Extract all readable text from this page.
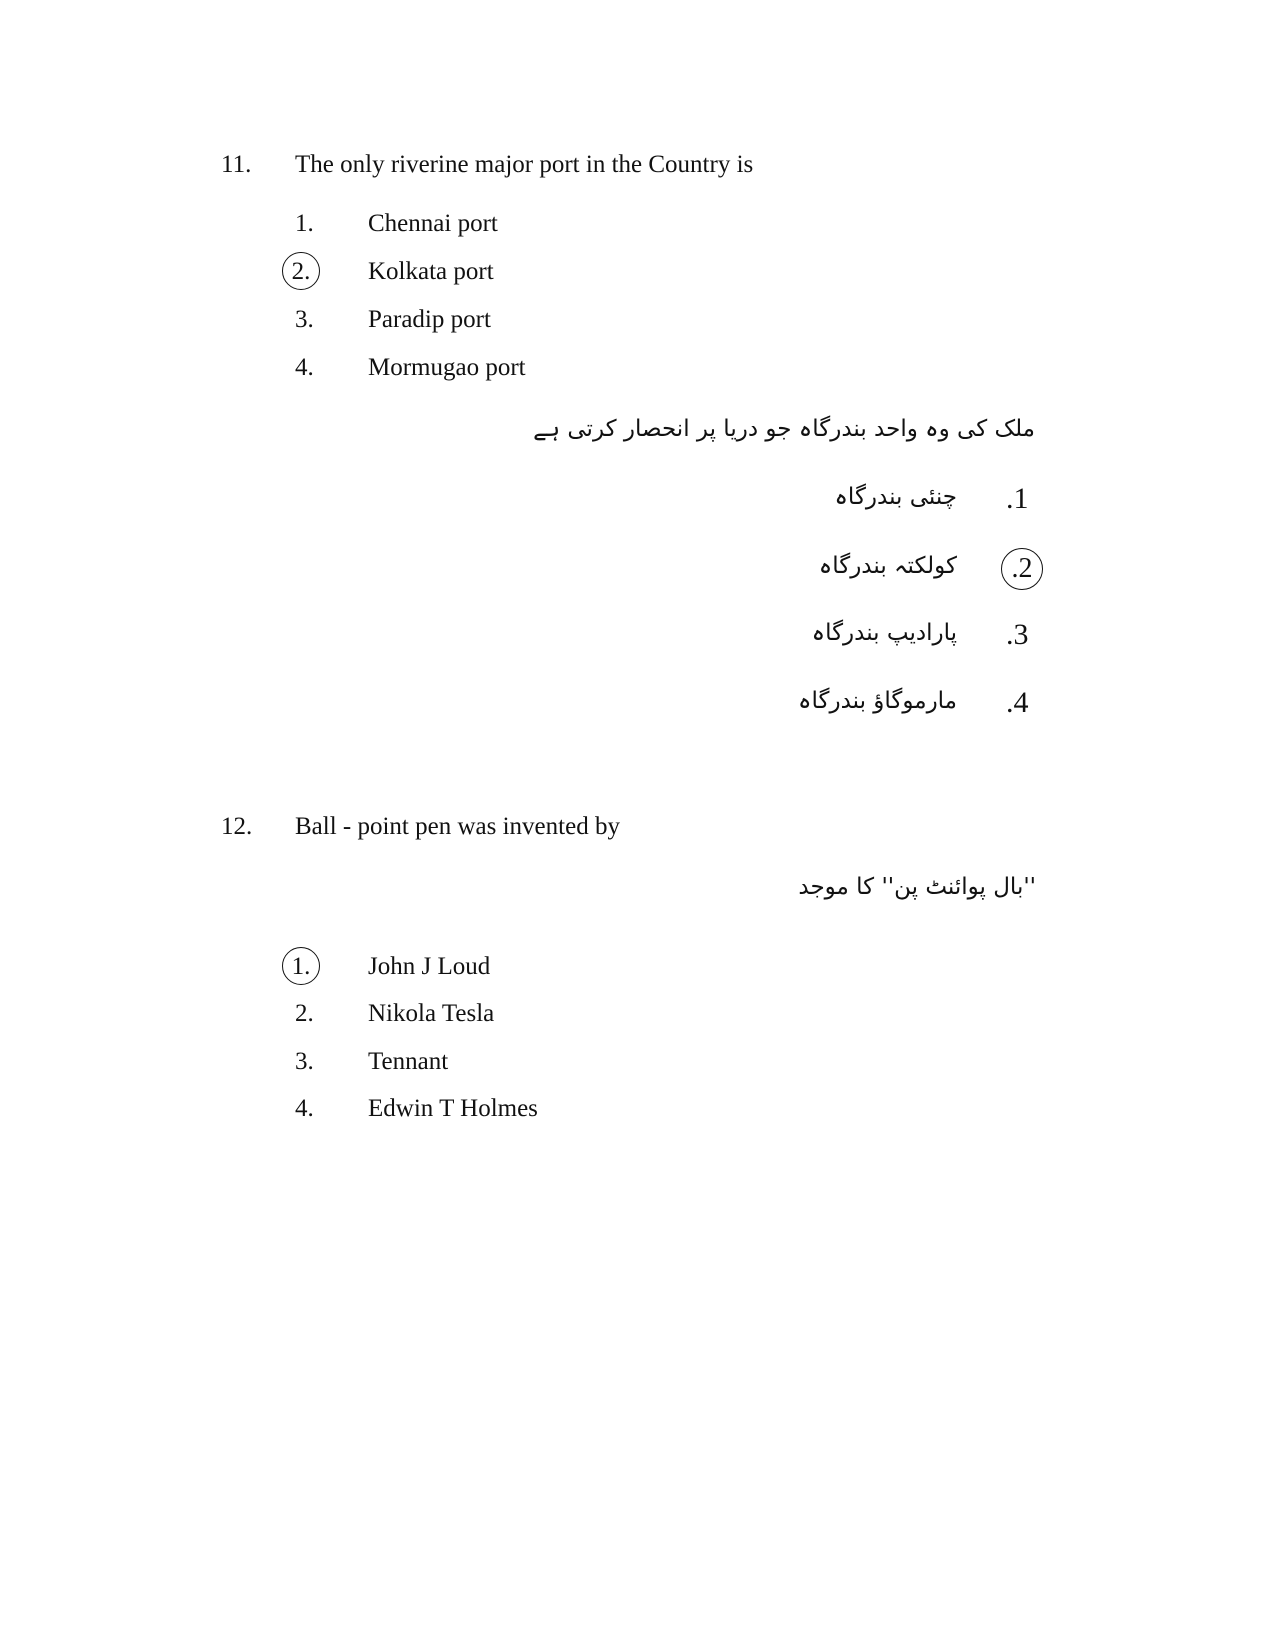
11. The only riverine major port in the Country is
1. Chennai port
2.	Kolkata port
3. Paradip port
4. Mormugao port
ملک کی وہ واحد بندرگاہ جو دریا پر انحصار کرتی ہے
.1
چنئی بندرگاہ
.2
کولکتہ بندرگاہ
.3
پارادیپ بندرگاہ
.4
مارموگاؤ بندرگاہ
12. Ball - point pen was invented by
''بال پوائنٹ پن'' کا موجد
1.	John J Loud
2. Nikola Tesla
3. Tennant
4. Edwin T Holmes
